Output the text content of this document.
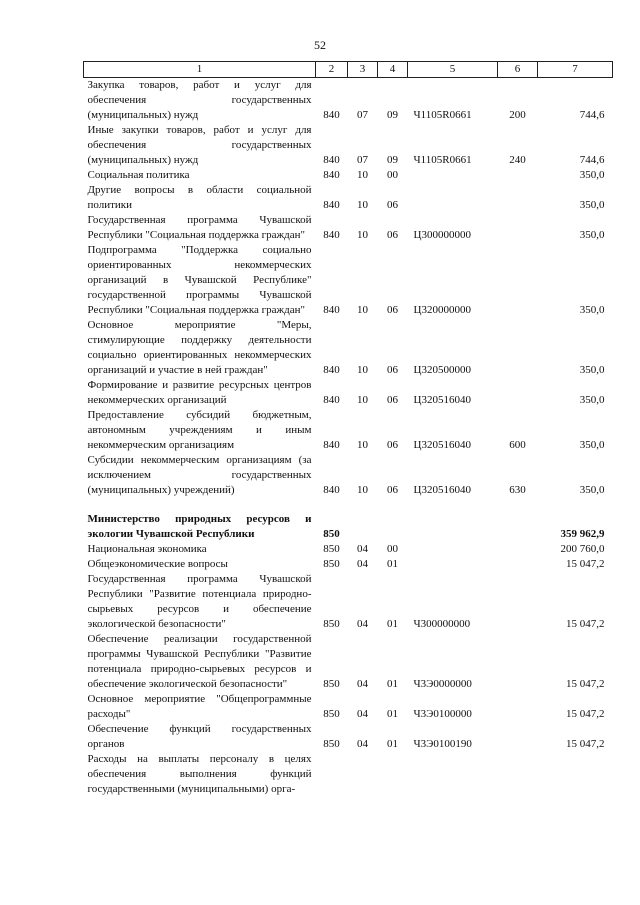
52
1	2	3	4	5	6	7
Закупка товаров, работ и услуг для обеспечения государственных (муниципальных) нужд	840	07	09	Ч1105R0661	200	744,6
Иные закупки товаров, работ и услуг для обеспечения государственных (муниципальных) нужд	840	07	09	Ч1105R0661	240	744,6
Социальная политика	840	10	00			350,0
Другие вопросы в области социальной политики	840	10	06			350,0
Государственная программа Чувашской Республики "Социальная поддержка граждан"	840	10	06	Ц300000000		350,0
Подпрограмма "Поддержка социально ориентированных некоммерческих организаций в Чувашской Республике" государственной программы Чувашской Республики "Социальная поддержка граждан"	840	10	06	Ц320000000		350,0
Основное мероприятие "Меры, стимулирующие поддержку деятельности социально ориентированных некоммерческих организаций и участие в ней граждан"	840	10	06	Ц320500000		350,0
Формирование и развитие ресурсных центров некоммерческих организаций	840	10	06	Ц320516040		350,0
Предоставление субсидий бюджетным, автономным учреждениям и иным некоммерческим организациям	840	10	06	Ц320516040	600	350,0
Субсидии некоммерческим организациям (за исключением государственных (муниципальных) учреждений)	840	10	06	Ц320516040	630	350,0

Министерство природных ресурсов и экологии Чувашской Республики	850					359 962,9
Национальная экономика	850	04	00			200 760,0
Общеэкономические вопросы	850	04	01			15 047,2
Государственная программа Чувашской Республики "Развитие потенциала природно-сырьевых ресурсов и обеспечение экологической безопасности"	850	04	01	Ч300000000		15 047,2
Обеспечение реализации государственной программы Чувашской Республики "Развитие потенциала природно-сырьевых ресурсов и обеспечение экологической безопасности"	850	04	01	Ч3Э0000000		15 047,2
Основное мероприятие "Общепрограммные расходы"	850	04	01	Ч3Э0100000		15 047,2
Обеспечение функций государственных органов	850	04	01	Ч3Э0100190		15 047,2
Расходы на выплаты персоналу в целях обеспечения выполнения функций государственными (муниципальными) орга-						
